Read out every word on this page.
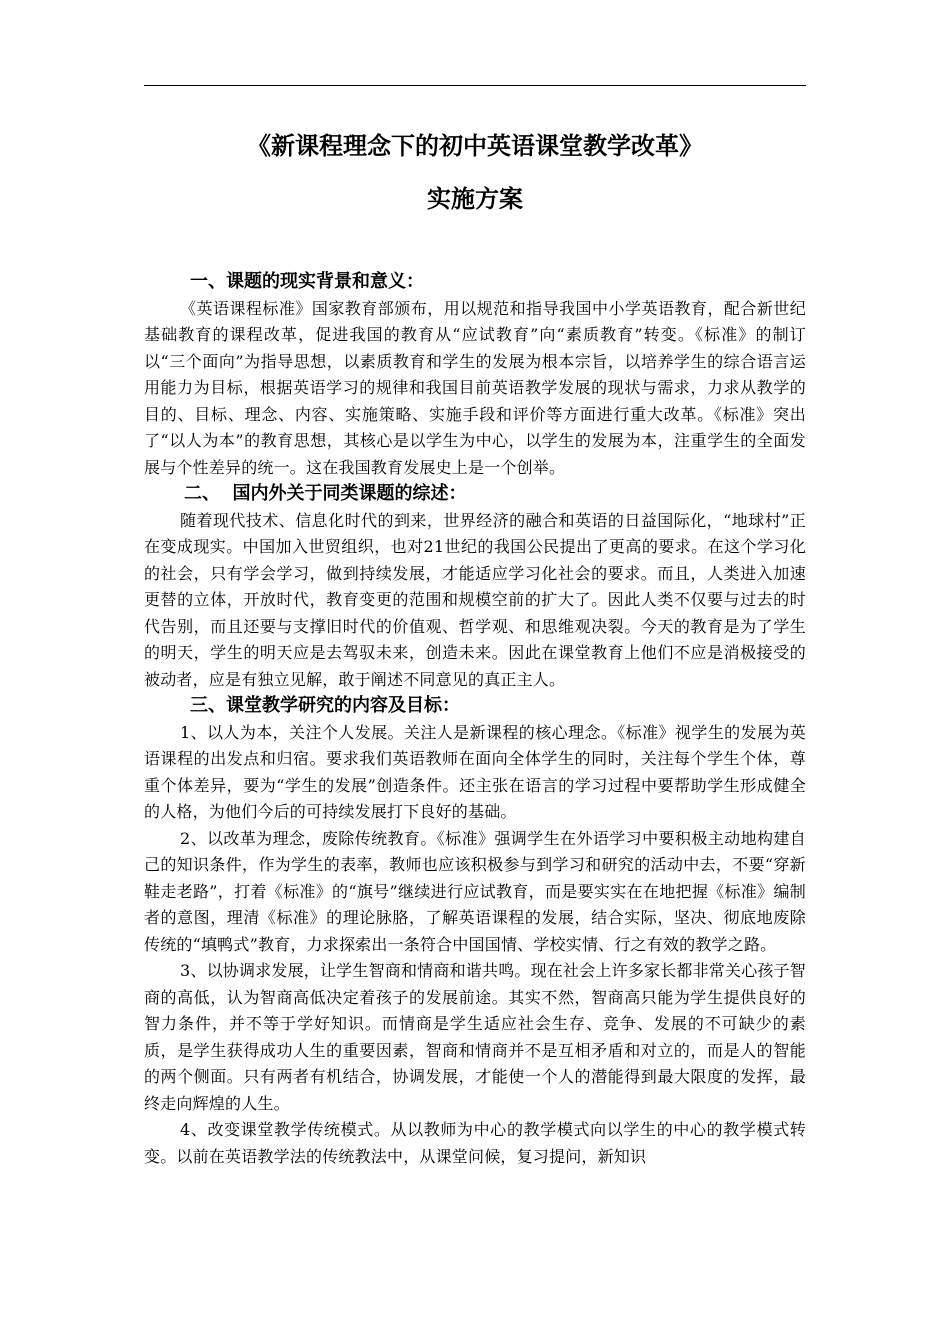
《新课程理念下的初中英语课堂教学改革》
实施方案
一、课题的现实背景和意义：

《英语课程标准》国家教育部颁布，用以规范和指导我国中小学英语教育，配合新世纪基础教育的课程改革，促进我国的教育从“应试教育”向“素质教育”转变。《标准》的制订以“三个面向”为指导思想，以素质教育和学生的发展为根本宗旨，以培养学生的综合语言运用能力为目标，根据英语学习的规律和我国目前英语教学发展的现状与需求，力求从教学的目的、目标、理念、内容、实施策略、实施手段和评价等方面进行重大改革。《标准》突出了“以人为本”的教育思想，其核心是以学生为中心，以学生的发展为本，注重学生的全面发展与个性差异的统一。这在我国教育发展史上是一个创举。

二、  国内外关于同类课题的综述：

随着现代技术、信息化时代的到来，世界经济的融合和英语的日益国际化，“地球村”正在变成现实。中国加入世贸组织，也对21世纪的我国公民提出了更高的要求。在这个学习化的社会，只有学会学习，做到持续发展，才能适应学习化社会的要求。而且，人类进入加速更替的立体，开放时代，教育变更的范围和规模空前的扩大了。因此人类不仅要与过去的时代告别，而且还要与支撑旧时代的价值观、哲学观、和思维观决裂。今天的教育是为了学生的明天，学生的明天应是去驾驭未来，创造未来。因此在课堂教育上他们不应是消极接受的被动者，应是有独立见解，敢于阐述不同意见的真正主人。

三、课堂教学研究的内容及目标：

1、以人为本，关注个人发展。关注人是新课程的核心理念。《标准》视学生的发展为英语课程的出发点和归宿。要求我们英语教师在面向全体学生的同时，关注每个学生个体，尊重个体差异，要为“学生的发展”创造条件。还主张在语言的学习过程中要帮助学生形成健全的人格，为他们今后的可持续发展打下良好的基础。

2、以改革为理念，废除传统教育。《标准》强调学生在外语学习中要积极主动地构建自己的知识条件，作为学生的表率，教师也应该积极参与到学习和研究的活动中去，不要“穿新鞋走老路”，打着《标准》的“旗号”继续进行应试教育，而是要实实在在地把握《标准》编制者的意图，理清《标准》的理论脉胳，了解英语课程的发展，结合实际，坚决、彻底地废除传统的“填鸭式”教育，力求探索出一条符合中国国情、学校实情、行之有效的教学之路。

3、以协调求发展，让学生智商和情商和谐共鸣。现在社会上许多家长都非常关心孩子智商的高低，认为智商高低决定着孩子的发展前途。其实不然，智商高只能为学生提供良好的智力条件，并不等于学好知识。而情商是学生适应社会生存、竞争、发展的不可缺少的素质，是学生获得成功人生的重要因素，智商和情商并不是互相矛盾和对立的，而是人的智能的两个侧面。只有两者有机结合，协调发展，才能使一个人的潜能得到最大限度的发挥，最终走向辉煌的人生。

4、改变课堂教学传统模式。从以教师为中心的教学模式向以学生的中心的教学模式转变。以前在英语教学法的传统教法中，从课堂问候，复习提问，新知识
